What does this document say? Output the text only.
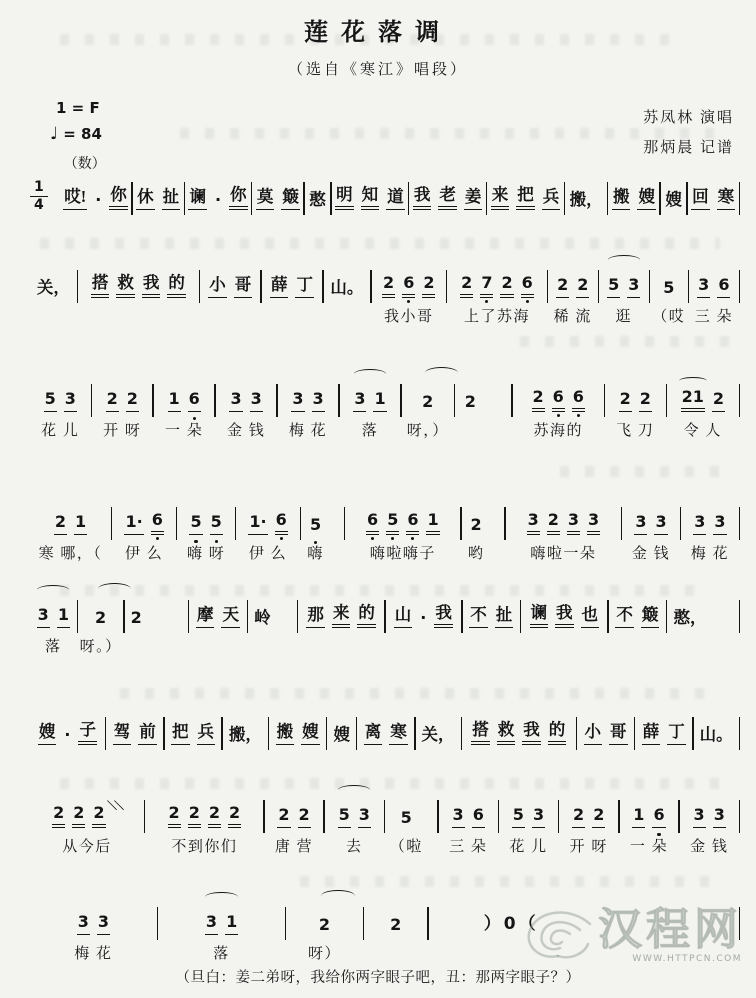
莲花落调
（选自《寒江》唱段）
1 = F
♩ = 84
苏凤林 演唱
那炳晨 记谱
$\frac{1}{4}$ 哎! · 你
（数）
休 扯 谰 · 你 莫 簸 憨 明 知 道 我 老 姜 来 把 兵 搬， 搬 嫂 嫂 回 寒
关， 搭 救 我 的 小 哥 薛 丁 山。 2 6 2
我小哥
2 7 2 6
上了苏海
2 2
稀 流
5 3
逛
5
（哎
3 6
三 朵
5 3
花 儿
2 2
开 呀
1 6
一 朵
3 3
金 钱
3 3
梅 花
3 1
落
2
呀，）
2	2 6 6
苏海的
2 2
飞 刀
21 2
令 人
2 1
寒 哪，（
1· 6
伊 么
5 5
嗨 呀
1· 6
伊 么
5
嗨
6 5 6 1
嗨啦嗨子
2
哟
3 2 3 3
嗨啦一朵
3 3
金 钱
3 3
梅 花
3 1
落
2
呀。）
2	摩 天 岭 那 来 的 山 · 我 不 扯 谰 我 也 不 簸 憨，
嫂 · 子 驾 前 把 兵 搬， 搬 嫂 嫂 离 寒 关， 搭 救 我 的 小 哥 薛 丁 山。
2 2 2 ＼＼
从今后
2 2 2 2
不到你们
2 2
唐 营
5 3
去
5
（啦
3 6
三 朵
5 3
花 儿
2 2
开 呀
1 6
一 朵
3 3
金 钱
3 3
梅 花
3 1
落
2
呀）
2	）0（
（旦白：姜二弟呀，我给你两字眼子吧，丑：那两字眼子？）
汉程网
WWW.HTTPCN.COM
